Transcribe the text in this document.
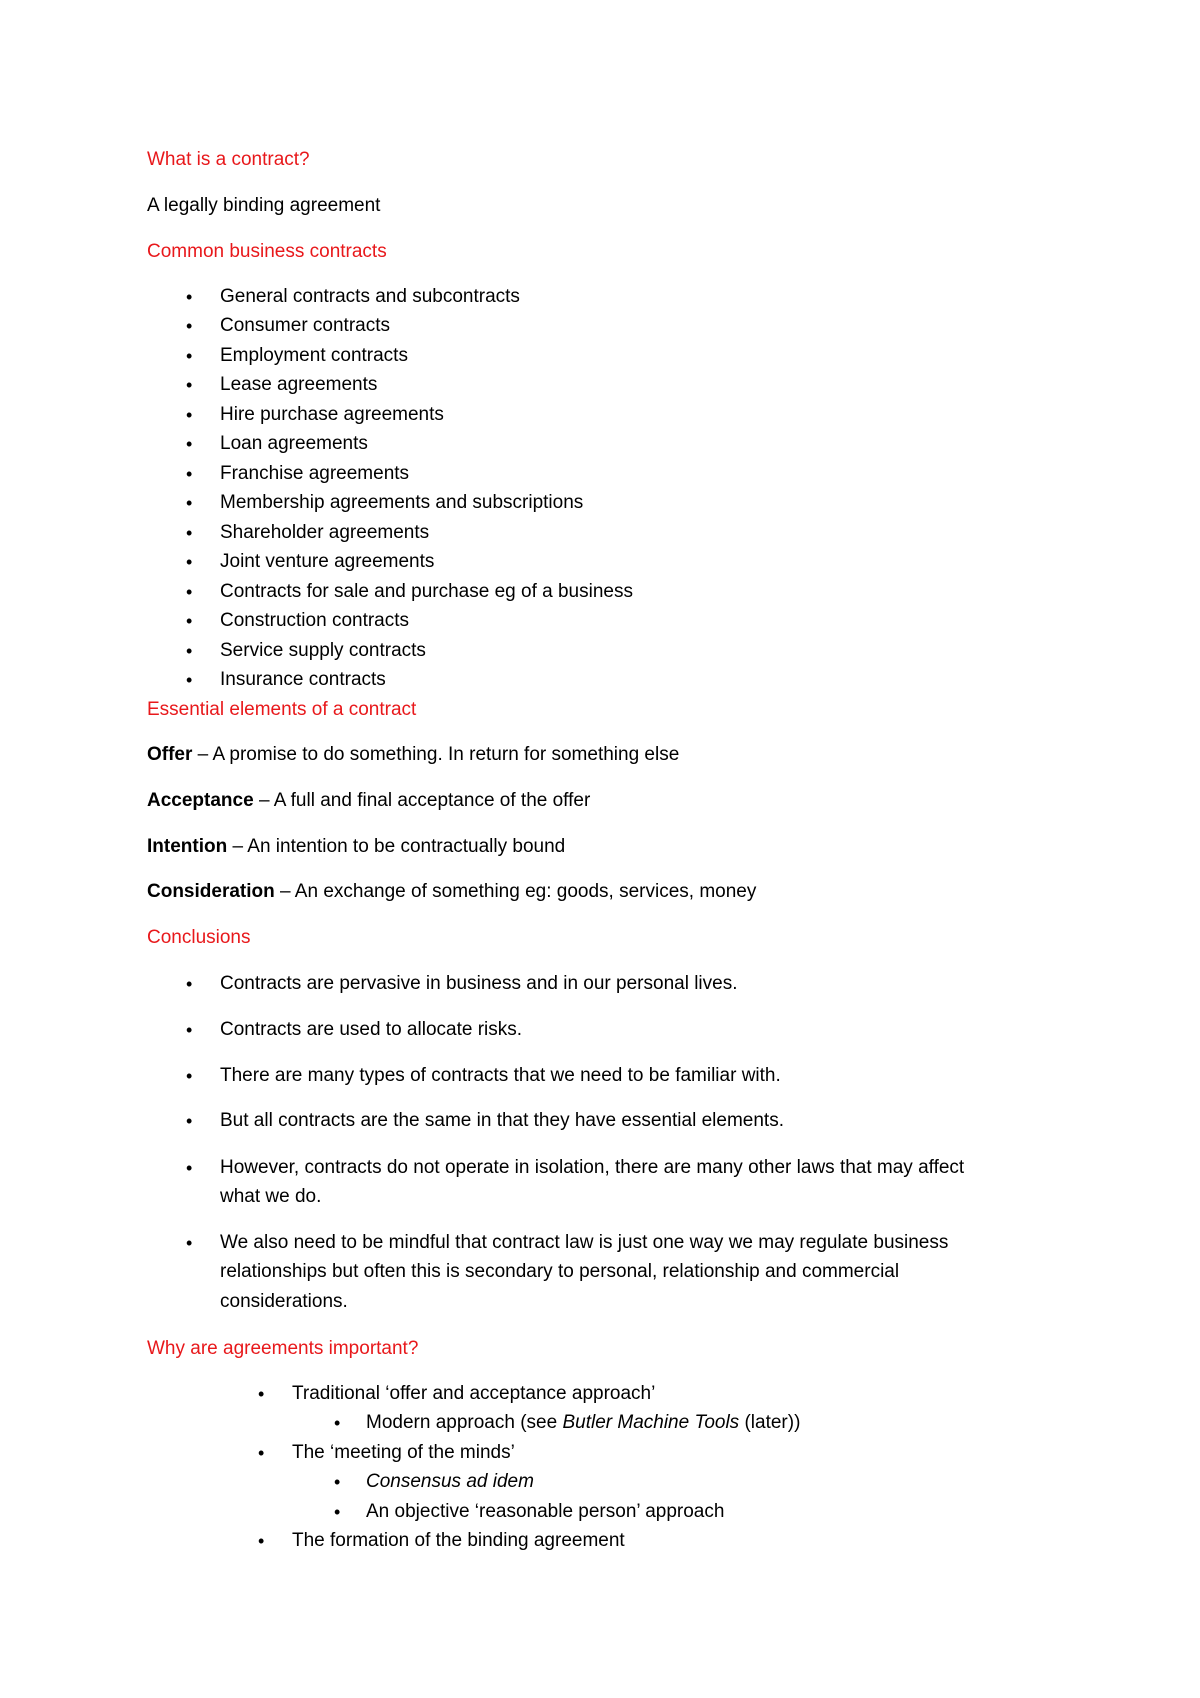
What is a contract?
A legally binding agreement
Common business contracts
• General contracts and subcontracts
• Consumer contracts
• Employment contracts
• Lease agreements
• Hire purchase agreements
• Loan agreements
• Franchise agreements
• Membership agreements and subscriptions
• Shareholder agreements
• Joint venture agreements
• Contracts for sale and purchase eg of a business
• Construction contracts
• Service supply contracts
• Insurance contracts
Essential elements of a contract
Offer – A promise to do something. In return for something else
Acceptance – A full and final acceptance of the offer
Intention – An intention to be contractually bound
Consideration – An exchange of something eg: goods, services, money
Conclusions
• Contracts are pervasive in business and in our personal lives.
• Contracts are used to allocate risks.
• There are many types of contracts that we need to be familiar with.
• But all contracts are the same in that they have essential elements.
• However, contracts do not operate in isolation, there are many other laws that may affect
what we do.
• We also need to be mindful that contract law is just one way we may regulate business
relationships but often this is secondary to personal, relationship and commercial
considerations.
Why are agreements important?
• Traditional ‘offer and acceptance approach’
• Modern approach (see Butler Machine Tools (later))
• The ‘meeting of the minds’
• Consensus ad idem
• An objective ‘reasonable person’ approach
• The formation of the binding agreement
